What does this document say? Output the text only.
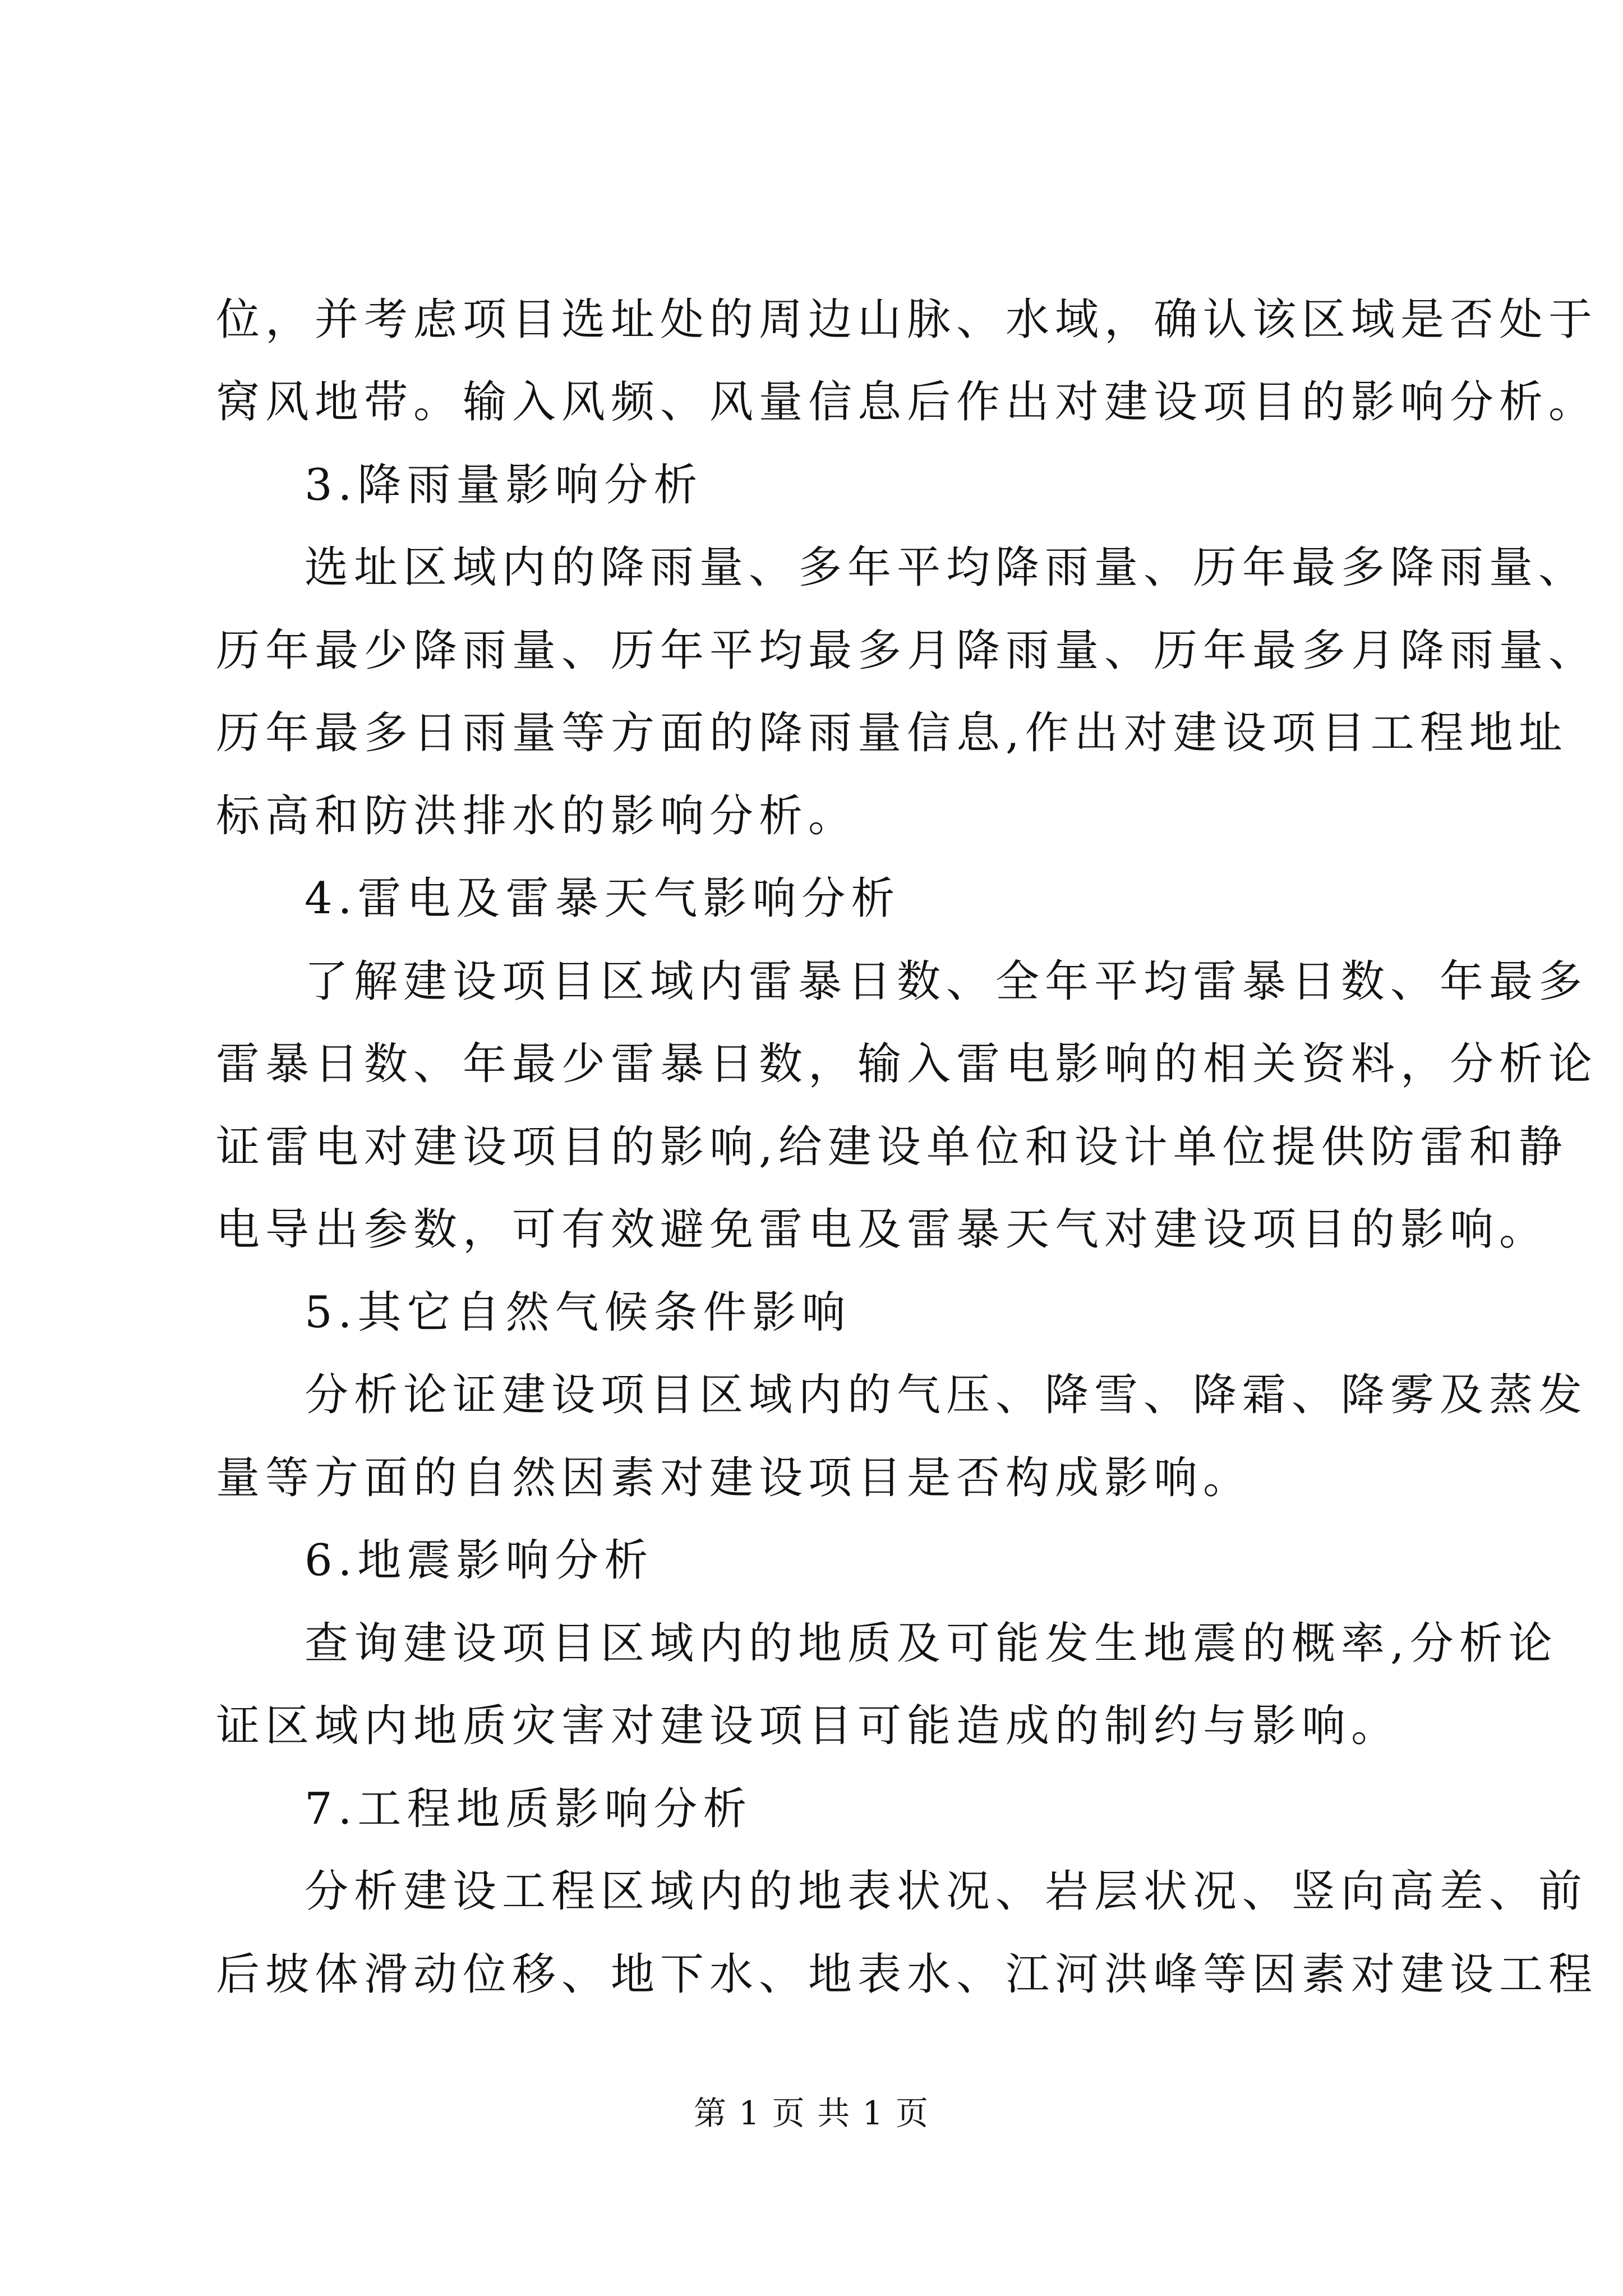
位，并考虑项目选址处的周边山脉、水域，确认该区域是否处于
窝风地带。输入风频、风量信息后作出对建设项目的影响分析。
3.降雨量影响分析
选址区域内的降雨量、多年平均降雨量、历年最多降雨量、
历年最少降雨量、历年平均最多月降雨量、历年最多月降雨量、
历年最多日雨量等方面的降雨量信息,作出对建设项目工程地址
标高和防洪排水的影响分析。
4.雷电及雷暴天气影响分析
了解建设项目区域内雷暴日数、全年平均雷暴日数、年最多
雷暴日数、年最少雷暴日数，输入雷电影响的相关资料，分析论
证雷电对建设项目的影响,给建设单位和设计单位提供防雷和静
电导出参数，可有效避免雷电及雷暴天气对建设项目的影响。
5.其它自然气候条件影响
分析论证建设项目区域内的气压、降雪、降霜、降雾及蒸发
量等方面的自然因素对建设项目是否构成影响。
6.地震影响分析
查询建设项目区域内的地质及可能发生地震的概率,分析论
证区域内地质灾害对建设项目可能造成的制约与影响。
7.工程地质影响分析
分析建设工程区域内的地表状况、岩层状况、竖向高差、前
后坡体滑动位移、地下水、地表水、江河洪峰等因素对建设工程
第 1 页 共 1 页
